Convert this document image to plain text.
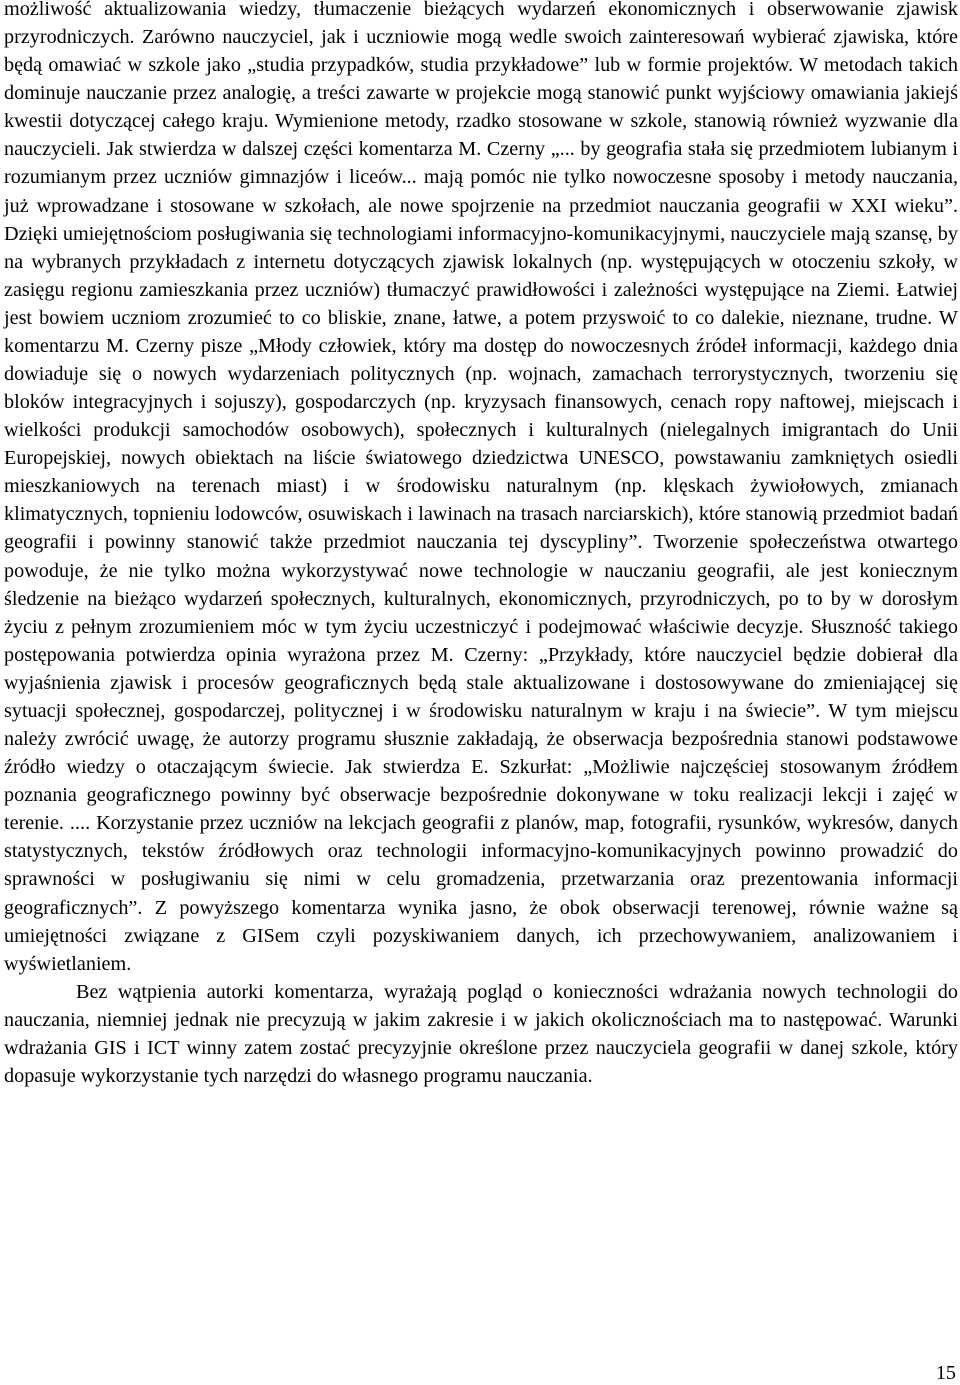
możliwość aktualizowania wiedzy, tłumaczenie bieżących wydarzeń ekonomicznych i obserwowanie zjawisk przyrodniczych. Zarówno nauczyciel, jak i uczniowie mogą wedle swoich zainteresowań wybierać zjawiska, które będą omawiać w szkole jako „studia przypadków, studia przykładowe” lub w formie projektów. W metodach takich dominuje nauczanie przez analogię, a treści zawarte w projekcie mogą stanowić punkt wyjściowy omawiania jakiejś kwestii dotyczącej całego kraju. Wymienione metody, rzadko stosowane w szkole, stanowią również wyzwanie dla nauczycieli. Jak stwierdza w dalszej części komentarza M. Czerny „... by geografia stała się przedmiotem lubianym i rozumianym przez uczniów gimnazjów i liceów... mają pomóc nie tylko nowoczesne sposoby i metody nauczania, już wprowadzane i stosowane w szkołach, ale nowe spojrzenie na przedmiot nauczania geografii w XXI wieku”. Dzięki umiejętnościom posługiwania się technologiami informacyjno-komunikacyjnymi, nauczyciele mają szansę, by na wybranych przykładach z internetu dotyczących zjawisk lokalnych (np. występujących w otoczeniu szkoły, w zasięgu regionu zamieszkania przez uczniów) tłumaczyć prawidłowości i zależności występujące na Ziemi. Łatwiej jest bowiem uczniom zrozumieć to co bliskie, znane, łatwe, a potem przyswoić to co dalekie, nieznane, trudne. W komentarzu M. Czerny pisze „Młody człowiek, który ma dostęp do nowoczesnych źródeł informacji, każdego dnia dowiaduje się o nowych wydarzeniach politycznych (np. wojnach, zamachach terrorystycznych, tworzeniu się bloków integracyjnych i sojuszy), gospodarczych (np. kryzysach finansowych, cenach ropy naftowej, miejscach i wielkości produkcji samochodów osobowych), społecznych i kulturalnych (nielegalnych imigrantach do Unii Europejskiej, nowych obiektach na liście światowego dziedzictwa UNESCO, powstawaniu zamkniętych osiedli mieszkaniowych na terenach miast) i w środowisku naturalnym (np. klęskach żywiołowych, zmianach klimatycznych, topnieniu lodowców, osuwiskach i lawinach na trasach narciarskich), które stanowią przedmiot badań geografii i powinny stanowić także przedmiot nauczania tej dyscypliny”. Tworzenie społeczeństwa otwartego powoduje, że nie tylko można wykorzystywać nowe technologie w nauczaniu geografii, ale jest koniecznym śledzenie na bieżąco wydarzeń społecznych, kulturalnych, ekonomicznych, przyrodniczych, po to by w dorosłym życiu z pełnym zrozumieniem móc w tym życiu uczestniczyć i podejmować właściwie decyzje. Słuszność takiego postępowania potwierdza opinia wyrażona przez M. Czerny: „Przykłady, które nauczyciel będzie dobierał dla wyjaśnienia zjawisk i procesów geograficznych będą stale aktualizowane i dostosowywane do zmieniającej się sytuacji społecznej, gospodarczej, politycznej i w środowisku naturalnym w kraju i na świecie”. W tym miejscu należy zwrócić uwagę, że autorzy programu słusznie zakładają, że obserwacja bezpośrednia stanowi podstawowe źródło wiedzy o otaczającym świecie. Jak stwierdza E. Szkurłat: „Możliwie najczęściej stosowanym źródłem poznania geograficznego powinny być obserwacje bezpośrednie dokonywane w toku realizacji lekcji i zajęć w terenie. .... Korzystanie przez uczniów na lekcjach geografii z planów, map, fotografii, rysunków, wykresów, danych statystycznych, tekstów źródłowych oraz technologii informacyjno-komunikacyjnych powinno prowadzić do sprawności w posługiwaniu się nimi w celu gromadzenia, przetwarzania oraz prezentowania informacji geograficznych”. Z powyższego komentarza wynika jasno, że obok obserwacji terenowej, równie ważne są umiejętności związane z GISem czyli pozyskiwaniem danych, ich przechowywaniem, analizowaniem i wyświetlaniem.

Bez wątpienia autorki komentarza, wyrażają pogląd o konieczności wdrażania nowych technologii do nauczania, niemniej jednak nie precyzują w jakim zakresie i w jakich okolicznościach ma to następować. Warunki wdrażania GIS i ICT winny zatem zostać precyzyjnie określone przez nauczyciela geografii w danej szkole, który dopasuje wykorzystanie tych narzędzi do własnego programu nauczania.

15
